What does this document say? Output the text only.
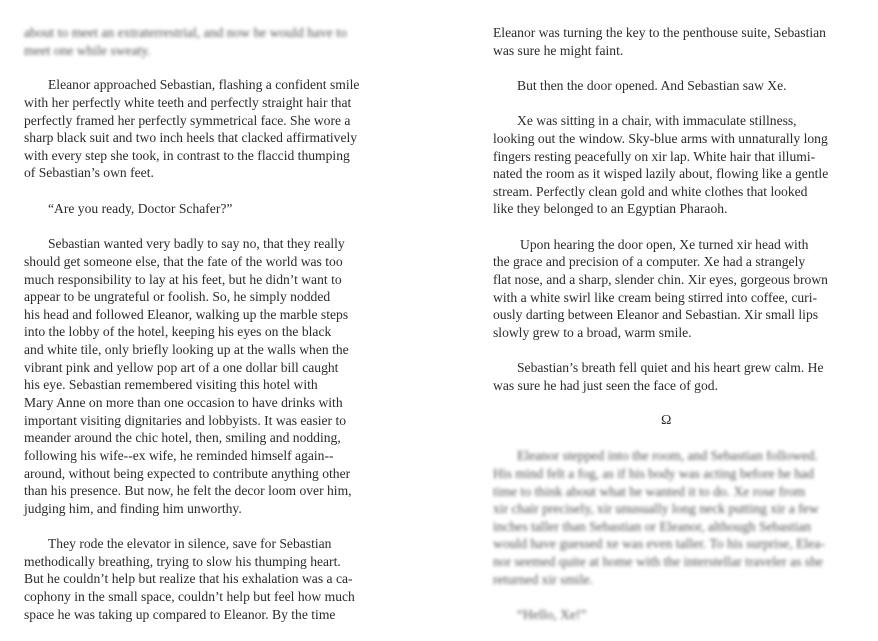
about to meet an extraterrestrial, and now he would have to
meet one while sweaty.
Eleanor approached Sebastian, flashing a confident smile
with her perfectly white teeth and perfectly straight hair that
perfectly framed her perfectly symmetrical face. She wore a
sharp black suit and two inch heels that clacked affirmatively
with every step she took, in contrast to the flaccid thumping
of Sebastian’s own feet.
“Are you ready, Doctor Schafer?”
Sebastian wanted very badly to say no, that they really
should get someone else, that the fate of the world was too
much responsibility to lay at his feet, but he didn’t want to
appear to be ungrateful or foolish. So, he simply nodded
his head and followed Eleanor, walking up the marble steps
into the lobby of the hotel, keeping his eyes on the black
and white tile, only briefly looking up at the walls when the
vibrant pink and yellow pop art of a one dollar bill caught
his eye. Sebastian remembered visiting this hotel with
Mary Anne on more than one occasion to have drinks with
important visiting dignitaries and lobbyists. It was easier to
meander around the chic hotel, then, smiling and nodding,
following his wife--ex wife, he reminded himself again--
around, without being expected to contribute anything other
than his presence. But now, he felt the decor loom over him,
judging him, and finding him unworthy.
They rode the elevator in silence, save for Sebastian
methodically breathing, trying to slow his thumping heart.
But he couldn’t help but realize that his exhalation was a ca-
cophony in the small space, couldn’t help but feel how much
space he was taking up compared to Eleanor. By the time
Eleanor was turning the key to the penthouse suite, Sebastian
was sure he might faint.
But then the door opened. And Sebastian saw Xe.
Xe was sitting in a chair, with immaculate stillness,
looking out the window. Sky-blue arms with unnaturally long
fingers resting peacefully on xir lap. White hair that illumi-
nated the room as it wisped lazily about, flowing like a gentle
stream. Perfectly clean gold and white clothes that looked
like they belonged to an Egyptian Pharaoh.
Upon hearing the door open, Xe turned xir head with
the grace and precision of a computer. Xe had a strangely
flat nose, and a sharp, slender chin. Xir eyes, gorgeous brown
with a white swirl like cream being stirred into coffee, curi-
ously darting between Eleanor and Sebastian. Xir small lips
slowly grew to a broad, warm smile.
Sebastian’s breath fell quiet and his heart grew calm. He
was sure he had just seen the face of god.
Ω
Eleanor stepped into the room, and Sebastian followed.
His mind felt a fog, as if his body was acting before he had
time to think about what he wanted it to do. Xe rose from
xir chair precisely, xir unusually long neck putting xir a few
inches taller than Sebastian or Eleanor, although Sebastian
would have guessed xe was even taller. To his surprise, Elea-
nor seemed quite at home with the interstellar traveler as she
returned xir smile.
“Hello, Xe!”
